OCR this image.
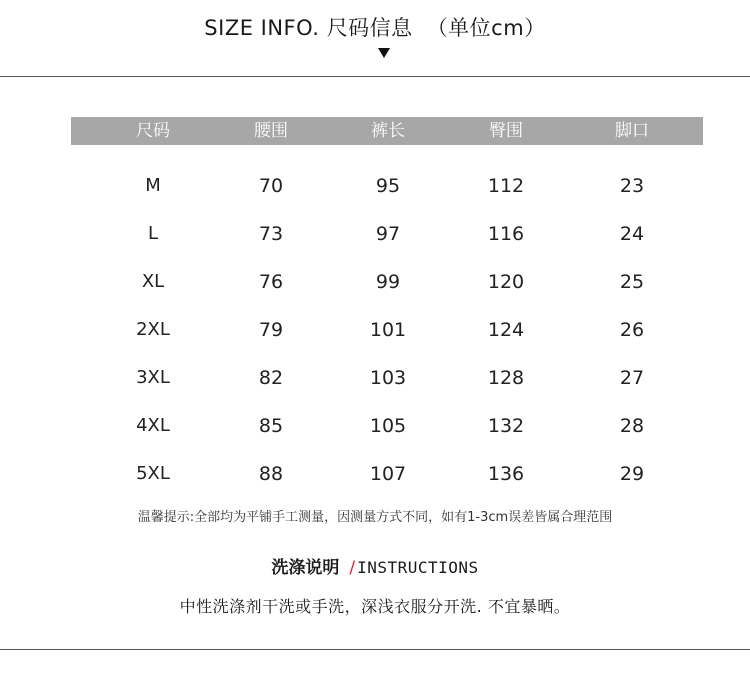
SIZE INFO. 尺码信息 （单位cm）
尺码	腰围	裤长	臀围	脚口
M	70	95	112	23
L	73	97	116	24
XL	76	99	120	25
2XL	79	101	124	26
3XL	82	103	128	27
4XL	85	105	132	28
5XL	88	107	136	29
温馨提示:全部均为平铺手工测量，因测量方式不同，如有1-3cm误差皆属合理范围
洗涤说明 / INSTRUCTIONS
中性洗涤剂干洗或手洗，深浅衣服分开洗. 不宜暴晒。
